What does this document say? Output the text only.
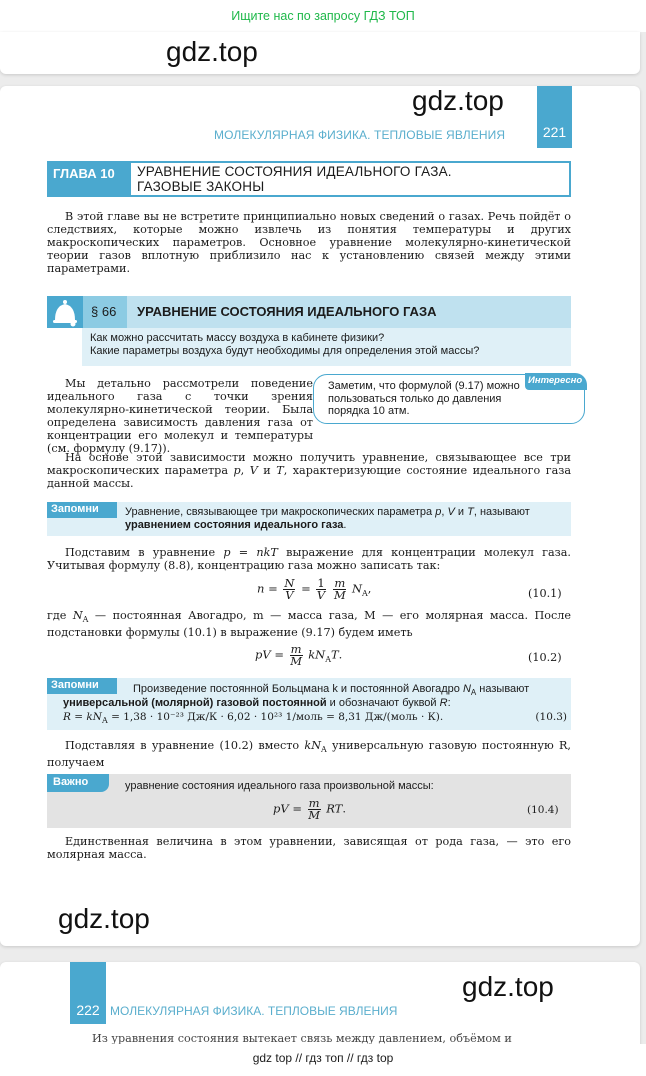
Ищите нас по запросу ГДЗ ТОП
gdz.top
gdz.top
221
МОЛЕКУЛЯРНАЯ ФИЗИКА. ТЕПЛОВЫЕ ЯВЛЕНИЯ
ГЛАВА 10	УРАВНЕНИЕ СОСТОЯНИЯ ИДЕАЛЬНОГО ГАЗА.
ГАЗОВЫЕ ЗАКОНЫ

В этой главе вы не встретите принципиально новых сведений о газах. Речь пойдёт о следствиях, которые можно извлечь из понятия температуры и других макроскопических параметров. Основное уравнение молекулярно-кинетической теории газов вплотную приблизило нас к установлению связей между этими параметрами.

§ 66	УРАВНЕНИЕ СОСТОЯНИЯ ИДЕАЛЬНОГО ГАЗА
Как можно рассчитать массу воздуха в кабинете физики?
Какие параметры воздуха будут необходимы для определения этой массы?
Заметим, что формулой (9.17) можно пользоваться только до давления порядка 10 атм.
Интересно

Мы детально рассмотрели поведение идеального газа с точки зрения молекулярно-кинетической теории. Была определена зависимость давления газа от концентрации его молекул и температуры (см. формулу (9.17)).

На основе этой зависимости можно получить уравнение, связывающее все три макроскопических параметра p, V и T, характеризующие состояние идеального газа данной массы.

Запомни	Уравнение, связывающее три макроскопических параметра p, V и T, называют уравнением состояния идеального газа.

Подставим в уравнение p = nkT выражение для концентрации молекул газа. Учитывая формулу (8.8), концентрацию газа можно записать так:

$n = \frac{N}{V} = \frac{1}{V}$
$\frac{m}{M} N_A$,	(10.1)
где $N_A$ — постоянная Авогадро, m — масса газа, M — его молярная масса. После подстановки формулы (10.1) в выражение (9.17) будем иметь
pV = $\frac{m}{M} kN_AT$.	(10.2)
Запомни	Произведение постоянной Больцмана k и постоянной Авогадро $N_A$ называют
универсальной (молярной) газовой постоянной и обозначают буквой R:
$R = kN_A = 1,38 \cdot 10^{-23}$ Дж/К · 6,02 · 10²³ 1/моль = 8,31 Дж/(моль · К).	(10.3)

Подставляя в уравнение (10.2) вместо $kN_A$ универсальную газовую постоянную R, получаем

Важно	уравнение состояния идеального газа произвольной массы:
pV = $\frac{m}{M}$ RT.	(10.4)

Единственная величина в этом уравнении, зависящая от рода газа, — это его молярная масса.

gdz.top
222 МОЛЕКУЛЯРНАЯ ФИЗИКА. ТЕПЛОВЫЕ ЯВЛЕНИЯ
gdz.top
Из уравнения состояния вытекает связь между давлением, объёмом и
gdz top // гдз топ // гдз top
